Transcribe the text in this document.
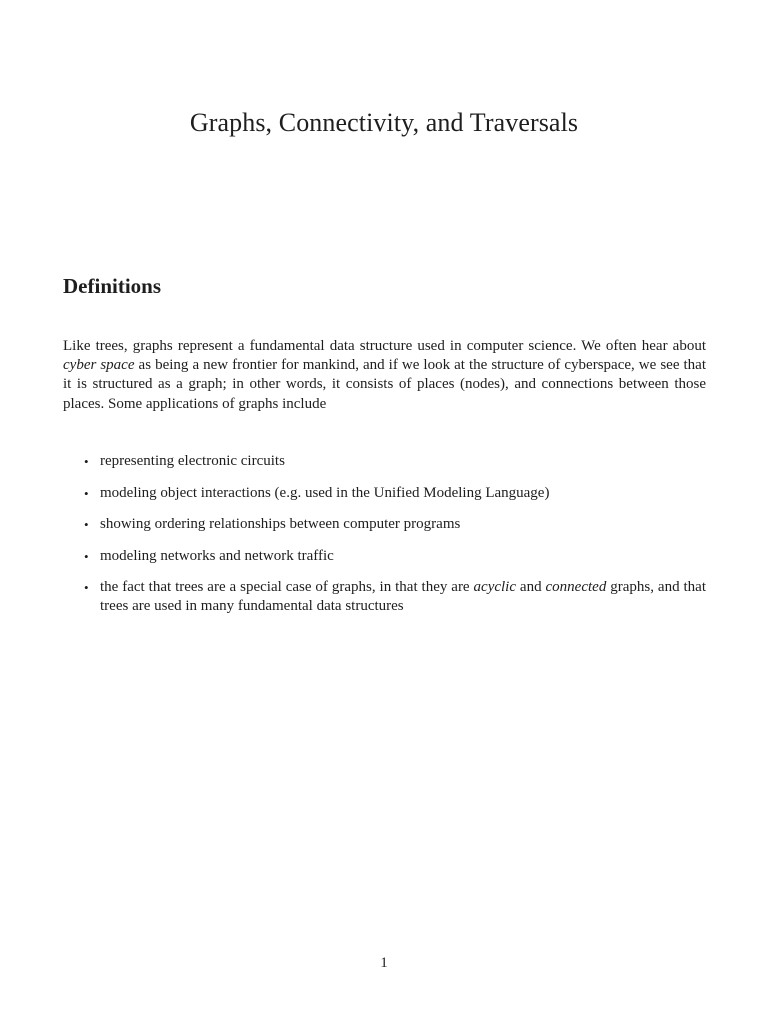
Graphs, Connectivity, and Traversals
Definitions

Like trees, graphs represent a fundamental data structure used in computer science. We often hear about cyber space as being a new frontier for mankind, and if we look at the structure of cyberspace, we see that it is structured as a graph; in other words, it consists of places (nodes), and connections between those places. Some applications of graphs include

• representing electronic circuits
• modeling object interactions (e.g. used in the Unified Modeling Language)
• showing ordering relationships between computer programs
• modeling networks and network traffic
• the fact that trees are a special case of graphs, in that they are acyclic and connected graphs, and that trees are used in many fundamental data structures
1
